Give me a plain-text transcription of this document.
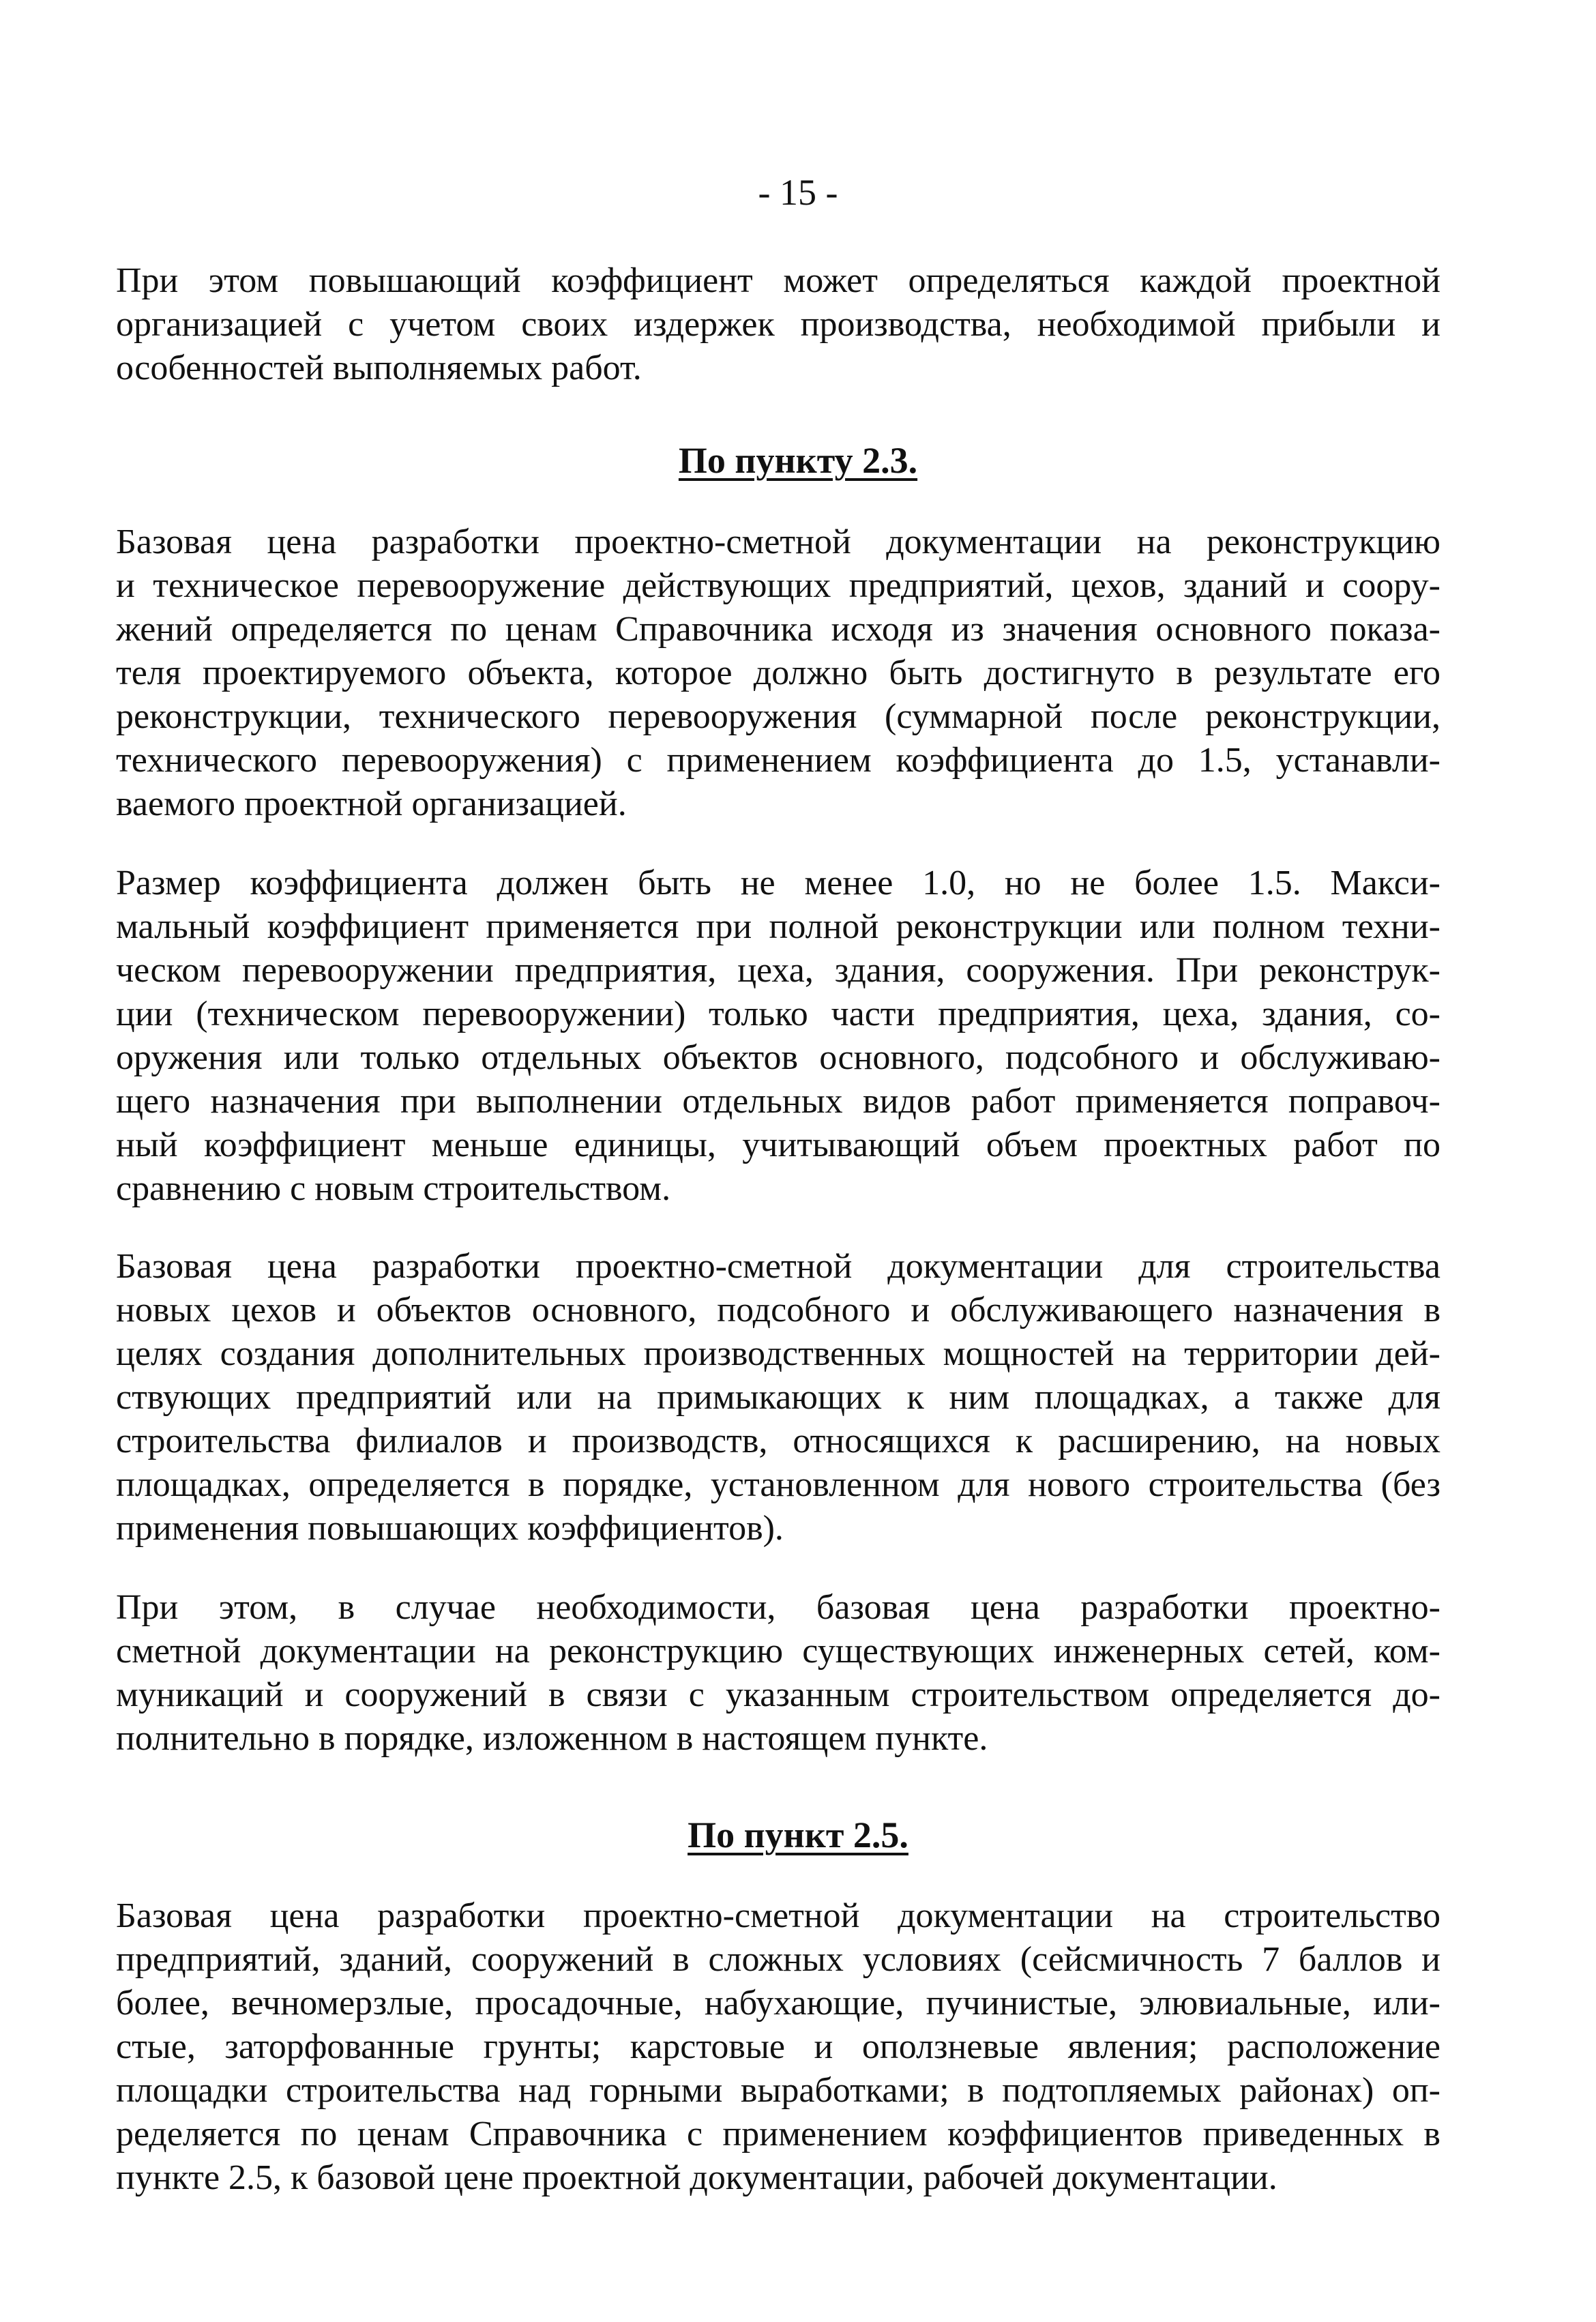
- 15 -

При этом повышающий коэффициент может определяться каждой проектной

организацией с учетом своих издержек производства, необходимой прибыли и

особенностей выполняемых работ.

По пункту 2.3.

Базовая цена разработки проектно-сметной документации на реконструкцию

и техническое перевооружение действующих предприятий, цехов, зданий и соору-

жений определяется по ценам Справочника исходя из значения основного показа-

теля проектируемого объекта, которое должно быть достигнуто в результате его

реконструкции, технического перевооружения (суммарной после реконструкции,

технического перевооружения) с применением коэффициента до 1.5, устанавли-

ваемого проектной организацией.

Размер коэффициента должен быть не менее 1.0, но не более 1.5. Макси-

мальный коэффициент применяется при полной реконструкции или полном техни-

ческом перевооружении предприятия, цеха, здания, сооружения. При реконструк-

ции (техническом перевооружении) только части предприятия, цеха, здания, со-

оружения или только отдельных объектов основного, подсобного и обслуживаю-

щего назначения при выполнении отдельных видов работ применяется поправоч-

ный коэффициент меньше единицы, учитывающий объем проектных работ по

сравнению с новым строительством.

Базовая цена разработки проектно-сметной документации для строительства

новых цехов и объектов основного, подсобного и обслуживающего назначения в

целях создания дополнительных производственных мощностей на территории дей-

ствующих предприятий или на примыкающих к ним площадках, а также для

строительства филиалов и производств, относящихся к расширению, на новых

площадках, определяется в порядке, установленном для нового строительства (без

применения повышающих коэффициентов).

При этом, в случае необходимости, базовая цена разработки проектно-

сметной документации на реконструкцию существующих инженерных сетей, ком-

муникаций и сооружений в связи с указанным строительством определяется до-

полнительно в порядке, изложенном в настоящем пункте.

По пункт 2.5.

Базовая цена разработки проектно-сметной документации на строительство

предприятий, зданий, сооружений в сложных условиях (сейсмичность 7 баллов и

более, вечномерзлые, просадочные, набухающие, пучинистые, элювиальные, или-

стые, заторфованные грунты; карстовые и оползневые явления; расположение

площадки строительства над горными выработками; в подтопляемых районах) оп-

ределяется по ценам Справочника с применением коэффициентов приведенных в

пункте 2.5, к базовой цене проектной документации, рабочей документации.
